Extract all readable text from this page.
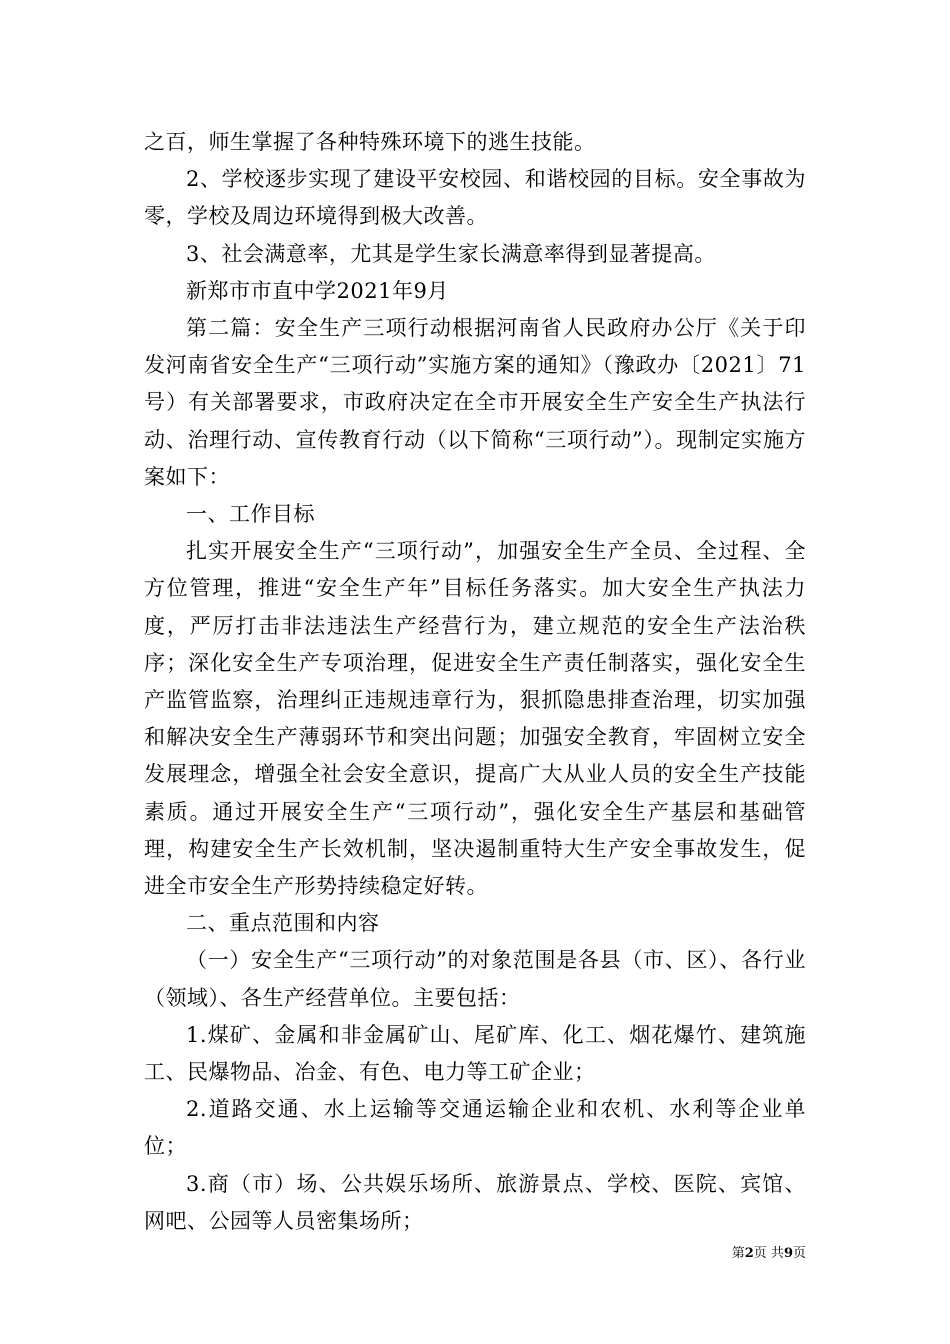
之百，师生掌握了各种特殊环境下的逃生技能。

2、学校逐步实现了建设平安校园、和谐校园的目标。安全事故为零，学校及周边环境得到极大改善。

3、社会满意率，尤其是学生家长满意率得到显著提高。

新郑市市直中学2021年9月

第二篇：安全生产三项行动根据河南省人民政府办公厅《关于印发河南省安全生产“三项行动”实施方案的通知》（豫政办〔2021〕71号）有关部署要求，市政府决定在全市开展安全生产安全生产执法行动、治理行动、宣传教育行动（以下简称“三项行动”）。现制定实施方案如下：

一、工作目标

扎实开展安全生产“三项行动”，加强安全生产全员、全过程、全方位管理，推进“安全生产年”目标任务落实。加大安全生产执法力度，严厉打击非法违法生产经营行为，建立规范的安全生产法治秩序；深化安全生产专项治理，促进安全生产责任制落实，强化安全生产监管监察，治理纠正违规违章行为，狠抓隐患排查治理，切实加强和解决安全生产薄弱环节和突出问题；加强安全教育，牢固树立安全发展理念，增强全社会安全意识，提高广大从业人员的安全生产技能素质。通过开展安全生产“三项行动”，强化安全生产基层和基础管理，构建安全生产长效机制，坚决遏制重特大生产安全事故发生，促进全市安全生产形势持续稳定好转。

二、重点范围和内容

（一）安全生产“三项行动”的对象范围是各县（市、区）、各行业（领域）、各生产经营单位。主要包括：

1.煤矿、金属和非金属矿山、尾矿库、化工、烟花爆竹、建筑施工、民爆物品、冶金、有色、电力等工矿企业；

2.道路交通、水上运输等交通运输企业和农机、水利等企业单位；

3.商（市）场、公共娱乐场所、旅游景点、学校、医院、宾馆、网吧、公园等人员密集场所；

第2页 共9页
